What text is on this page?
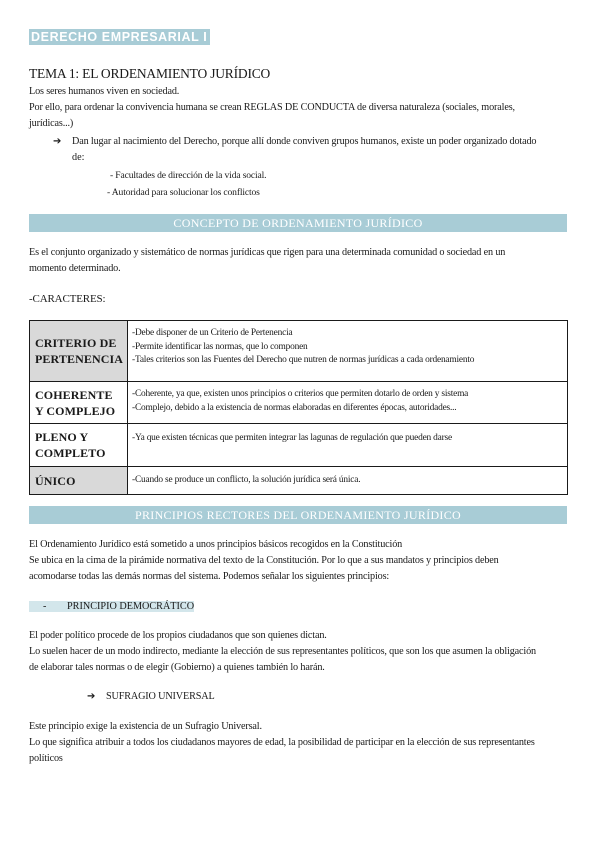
DERECHO EMPRESARIAL I
TEMA 1: EL ORDENAMIENTO JURÍDICO
Los seres humanos viven en sociedad.
Por ello, para ordenar la convivencia humana se crean REGLAS DE CONDUCTA de diversa naturaleza (sociales, morales,
jurídicas...)
➔ Dan lugar al nacimiento del Derecho, porque allí donde conviven grupos humanos, existe un poder organizado dotado
de:
- Facultades de dirección de la vida social.
- Autoridad para solucionar los conflictos
CONCEPTO DE ORDENAMIENTO JURÍDICO
Es el conjunto organizado y sistemático de normas jurídicas que rigen para una determinada comunidad o sociedad en un
momento determinado.
-CARACTERES:
CRITERIO DE
PERTENENCIA	-Debe disponer de un Criterio de Pertenencia
-Permite identificar las normas, que lo componen
-Tales criterios son las Fuentes del Derecho que nutren de normas jurídicas a cada ordenamiento

COHERENTE
Y COMPLEJO	-Coherente, ya que, existen unos principios o criterios que permiten dotarlo de orden y sistema
-Complejo, debido a la existencia de normas elaboradas en diferentes épocas, autoridades...

PLENO Y
COMPLETO	-Ya que existen técnicas que permiten integrar las lagunas de regulación que pueden darse

ÚNICO	-Cuando se produce un conflicto, la solución jurídica será única.
PRINCIPIOS RECTORES DEL ORDENAMIENTO JURÍDICO
El Ordenamiento Jurídico está sometido a unos principios básicos recogidos en la Constitución
Se ubica en la cima de la pirámide normativa del texto de la Constitución. Por lo que a sus mandatos y principios deben
acomodarse todas las demás normas del sistema. Podemos señalar los siguientes principios:
- PRINCIPIO DEMOCRÁTICO
El poder político procede de los propios ciudadanos que son quienes dictan.
Lo suelen hacer de un modo indirecto, mediante la elección de sus representantes políticos, que son los que asumen la obligación
de elaborar tales normas o de elegir (Gobierno) a quienes también lo harán.
➔ SUFRAGIO UNIVERSAL
Este principio exige la existencia de un Sufragio Universal.
Lo que significa atribuir a todos los ciudadanos mayores de edad, la posibilidad de participar en la elección de sus representantes
políticos
